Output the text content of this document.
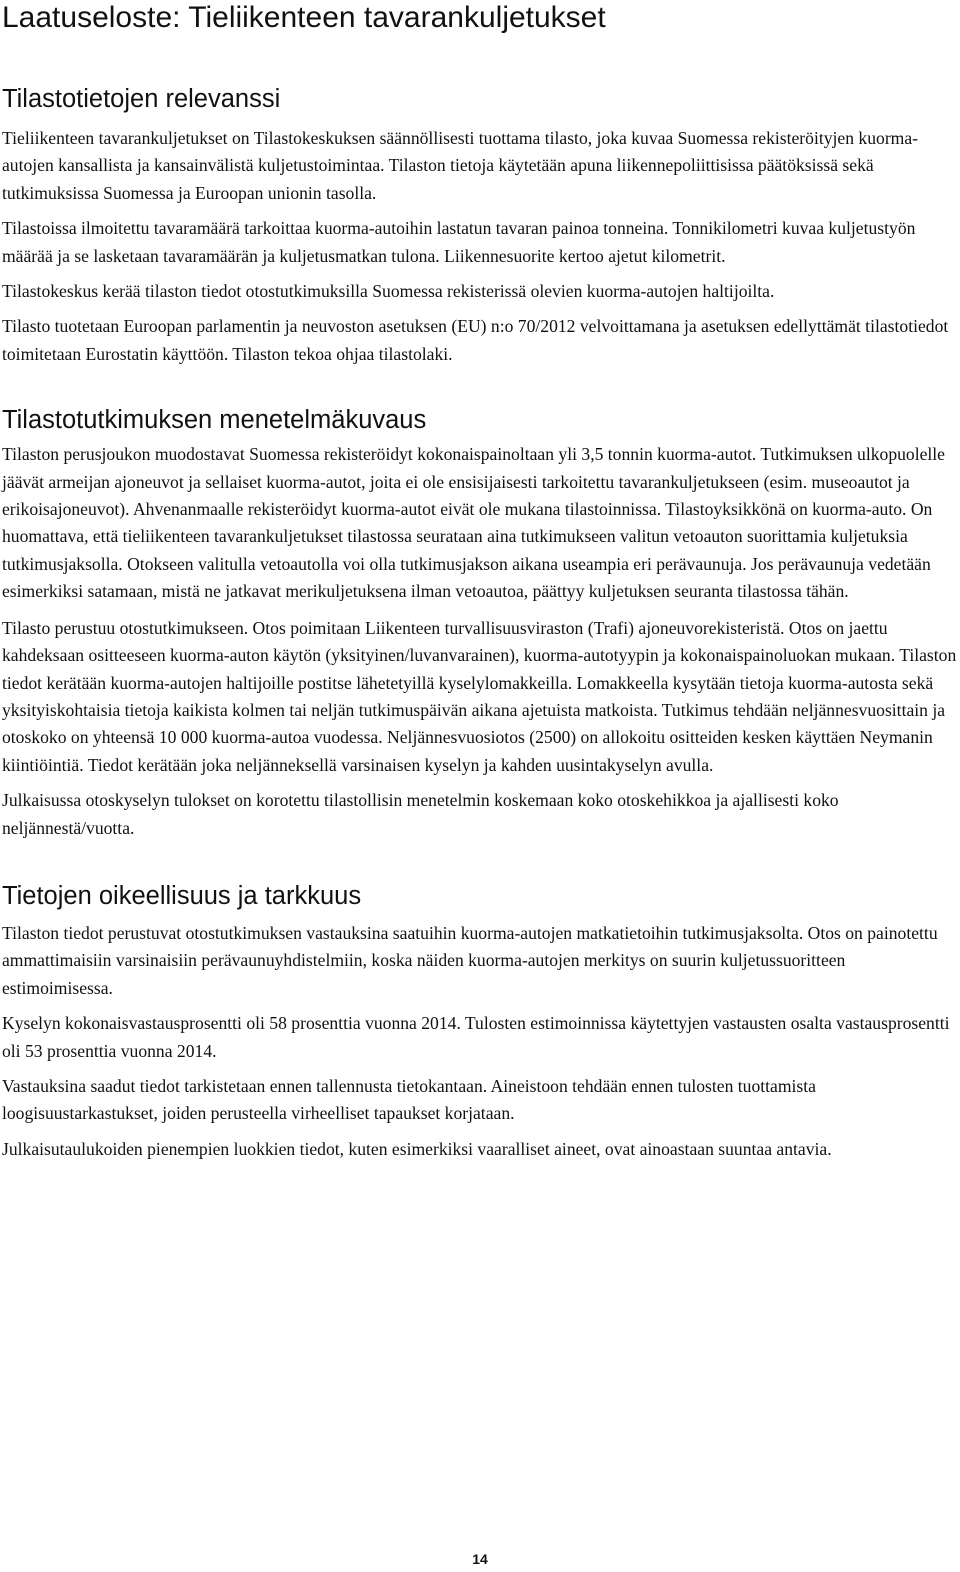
Laatuseloste: Tieliikenteen tavarankuljetukset
Tilastotietojen relevanssi

Tieliikenteen tavarankuljetukset on Tilastokeskuksen säännöllisesti tuottama tilasto, joka kuvaa Suomessa rekisteröityjen kuorma-autojen kansallista ja kansainvälistä kuljetustoimintaa. Tilaston tietoja käytetään apuna liikennepoliittisissa päätöksissä sekä tutkimuksissa Suomessa ja Euroopan unionin tasolla.

Tilastoissa ilmoitettu tavaramäärä tarkoittaa kuorma-autoihin lastatun tavaran painoa tonneina. Tonnikilometri kuvaa kuljetustyön määrää ja se lasketaan tavaramäärän ja kuljetusmatkan tulona. Liikennesuorite kertoo ajetut kilometrit.

Tilastokeskus kerää tilaston tiedot otostutkimuksilla Suomessa rekisterissä olevien kuorma-autojen haltijoilta.

Tilasto tuotetaan Euroopan parlamentin ja neuvoston asetuksen (EU) n:o 70/2012 velvoittamana ja asetuksen edellyttämät tilastotiedot toimitetaan Eurostatin käyttöön. Tilaston tekoa ohjaa tilastolaki.

Tilastotutkimuksen menetelmäkuvaus

Tilaston perusjoukon muodostavat Suomessa rekisteröidyt kokonaispainoltaan yli 3,5 tonnin kuorma-autot. Tutkimuksen ulkopuolelle jäävät armeijan ajoneuvot ja sellaiset kuorma-autot, joita ei ole ensisijaisesti tarkoitettu tavarankuljetukseen (esim. museoautot ja erikoisajoneuvot). Ahvenanmaalle rekisteröidyt kuorma-autot eivät ole mukana tilastoinnissa. Tilastoyksikkönä on kuorma-auto. On huomattava, että tieliikenteen tavarankuljetukset tilastossa seurataan aina tutkimukseen valitun vetoauton suorittamia kuljetuksia tutkimusjaksolla. Otokseen valitulla vetoautolla voi olla tutkimusjakson aikana useampia eri perävaunuja. Jos perävaunuja vedetään esimerkiksi satamaan, mistä ne jatkavat merikuljetuksena ilman vetoautoa, päättyy kuljetuksen seuranta tilastossa tähän.

Tilasto perustuu otostutkimukseen. Otos poimitaan Liikenteen turvallisuusviraston (Trafi) ajoneuvorekisteristä. Otos on jaettu kahdeksaan ositteeseen kuorma-auton käytön (yksityinen/luvanvarainen), kuorma-autotyypin ja kokonaispainoluokan mukaan. Tilaston tiedot kerätään kuorma-autojen haltijoille postitse lähetetyillä kyselylomakkeilla. Lomakkeella kysytään tietoja kuorma-autosta sekä yksityiskohtaisia tietoja kaikista kolmen tai neljän tutkimuspäivän aikana ajetuista matkoista. Tutkimus tehdään neljännesvuosittain ja otoskoko on yhteensä 10 000 kuorma-autoa vuodessa. Neljännesvuosiotos (2500) on allokoitu ositteiden kesken käyttäen Neymanin kiintiöintiä. Tiedot kerätään joka neljänneksellä varsinaisen kyselyn ja kahden uusintakyselyn avulla.

Julkaisussa otoskyselyn tulokset on korotettu tilastollisin menetelmin koskemaan koko otoskehikkoa ja ajallisesti koko neljännestä/vuotta.

Tietojen oikeellisuus ja tarkkuus

Tilaston tiedot perustuvat otostutkimuksen vastauksina saatuihin kuorma-autojen matkatietoihin tutkimusjaksolta. Otos on painotettu ammattimaisiin varsinaisiin perävaunuyhdistelmiin, koska näiden kuorma-autojen merkitys on suurin kuljetussuoritteen estimoimisessa.

Kyselyn kokonaisvastausprosentti oli 58 prosenttia vuonna 2014. Tulosten estimoinnissa käytettyjen vastausten osalta vastausprosentti oli 53 prosenttia vuonna 2014.

Vastauksina saadut tiedot tarkistetaan ennen tallennusta tietokantaan. Aineistoon tehdään ennen tulosten tuottamista loogisuustarkastukset, joiden perusteella virheelliset tapaukset korjataan.

Julkaisutaulukoiden pienempien luokkien tiedot, kuten esimerkiksi vaaralliset aineet, ovat ainoastaan suuntaa antavia.

14
